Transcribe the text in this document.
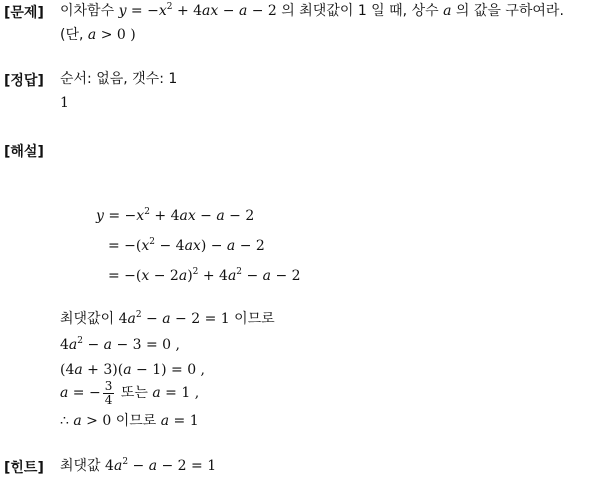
[문제] 이차함수 $y = -x^2 + 4ax - a - 2$ 의 최댓값이 1 일 때, 상수 a 의 값을 구하여라.
(단, a > 0 )
[정답] 순서: 없음, 갯수: 1
1
[해설]
$y = -x^2 + 4ax - a - 2$
= $-(x^2 - 4ax) - a - 2$
= $-(x - 2a)^2 + 4a^2 - a - 2$
최댓값이 $4a^2 - a - 2 = 1$ 이므로
$4a^2 - a - 3 = 0$ ,
(4a + 3)(a − 1) = 0 ,
a = − $\frac{3}{4}$ 또는 a = 1 ,
∴ a > 0 이므로 a = 1
[힌트] 최댓값 $4a^2 - a - 2 = 1$
